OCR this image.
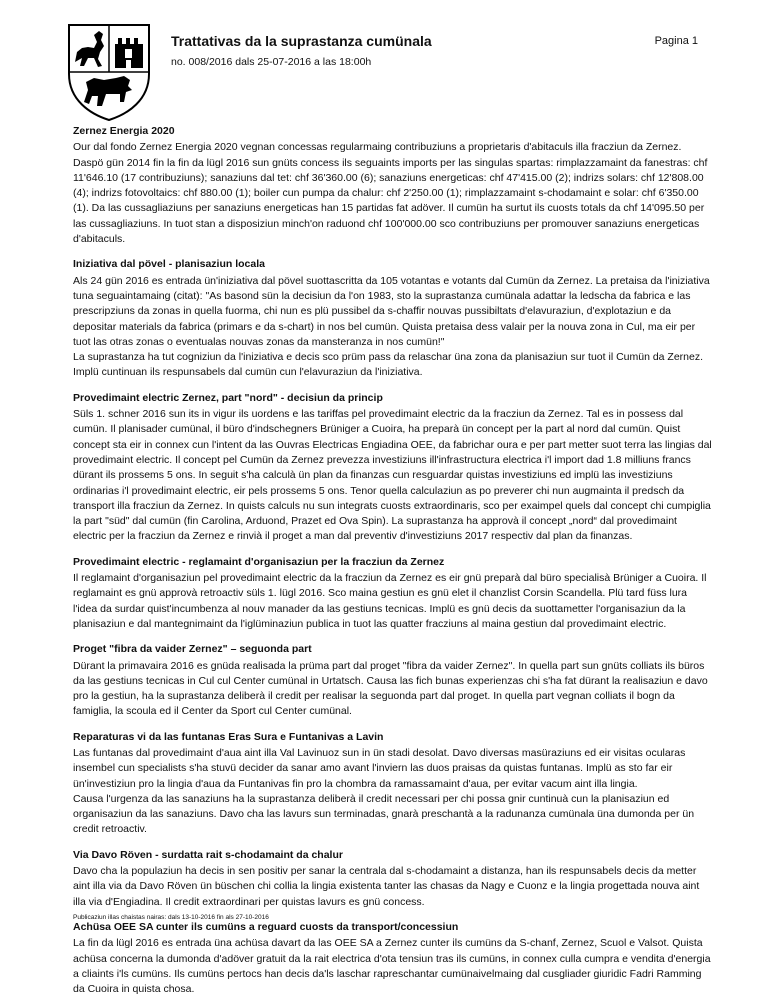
Trattativas da la suprastanza cumünala	Pagina 1
no. 008/2016 dals 25-07-2016 a las 18:00h
Zernez Energia 2020

Our dal fondo Zernez Energia 2020 vegnan concessas regularmaing contribuziuns a proprietaris d'abitaculs illa fracziun da Zernez. Daspö gün 2014 fin la fin da lügl 2016 sun gnüts concess ils seguaints imports per las singulas spartas: rimplazzamaint da fanestras: chf 11'646.10 (17 contribuziuns); sanaziuns dal tet: chf 36'360.00 (6); sanaziuns energeticas: chf 47'415.00 (2); indrizs solars: chf 12'808.00 (4); indrizs fotovoltaics: chf 880.00 (1); boiler cun pumpa da chalur: chf 2'250.00 (1); rimplazzamaint s-chodamaint e solar: chf 6'350.00 (1). Da las cussagliaziuns per sanaziuns energeticas han 15 partidas fat adöver. Il cumün ha surtut ils cuosts totals da chf 14'095.50 per las cussagliaziuns. In tuot stan a disposiziun minch'on raduond chf 100'000.00 sco contribuziuns per promouver sanaziuns energeticas d'abitaculs.

Iniziativa dal pövel - planisaziun locala

Als 24 gün 2016 es entrada ün'iniziativa dal pövel suottascritta da 105 votantas e votants dal Cumün da Zernez. La pretaisa da l'iniziativa tuna seguaintamaing (citat): "As basond sün la decisiun da l'on 1983, sto la suprastanza cumünala adattar la ledscha da fabrica e las prescripziuns da zonas in quella fuorma, chi nun es plü pussibel da s-chaffir nouvas pussibiltats d'elavuraziun, d'explotaziun e da depositar materials da fabrica (primars e da s-chart) in nos bel cumün. Quista pretaisa dess valair per la nouva zona in Cul, ma eir per tuot las otras zonas o eventualas nouvas zonas da mansteranza in nos cumün!"
La suprastanza ha tut cogniziun da l'iniziativa e decis sco prüm pass da relaschar üna zona da planisaziun sur tuot il Cumün da Zernez. Implü cuntinuan ils respunsabels dal cumün cun l'elavuraziun da l'iniziativa.

Provedimaint electric Zernez, part "nord" - decisiun da princip

Süls 1. schner 2016 sun its in vigur ils uordens e las tariffas pel provedimaint electric da la fracziun da Zernez. Tal es in possess dal cumün. Il planisader cumünal, il büro d'indschegners Brüniger a Cuoira, ha preparà ün concept per la part al nord dal cumün. Quist concept sta eir in connex cun l'intent da las Ouvras Electricas Engiadina OEE, da fabrichar oura e per part metter suot terra las lingias dal provedimaint electric. Il concept pel Cumün da Zernez prevezza investiziuns ill'infrastructura electrica i'l import dad 1.8 milliuns francs dürant ils prossems 5 ons. In seguit s'ha calculà ün plan da finanzas cun resguardar quistas investiziuns ed implü las investiziuns ordinarias i'l provedimaint electric, eir pels prossems 5 ons. Tenor quella calculaziun as po preverer chi nun augmainta il predsch da transport illa fracziun da Zernez. In quists calculs nu sun integrats cuosts extraordinaris, sco per exaimpel quels dal concept chi cumpiglia la part "süd" dal cumün (fin Carolina, Arduond, Prazet ed Ova Spin). La suprastanza ha approvà il concept „nord“ dal provedimaint electric per la fracziun da Zernez e rinvià il proget a man dal preventiv d'investiziuns 2017 respectiv dal plan da finanzas.

Provedimaint electric - reglamaint d'organisaziun per la fracziun da Zernez

Il reglamaint d'organisaziun pel provedimaint electric da la fracziun da Zernez es eir gnü preparà dal büro specialisà Brüniger a Cuoira. Il reglamaint es gnü approvà retroactiv süls 1. lügl 2016. Sco maina gestiun es gnü elet il chanzlist Corsin Scandella. Plü tard füss lura l'idea da surdar quist'incumbenza al nouv manader da las gestiuns tecnicas. Implü es gnü decis da suottametter l'organisaziun da la planisaziun e dal mantegnimaint da l'iglüminaziun publica in tuot las quatter fracziuns al maina gestiun dal provedimaint electric.

Proget "fibra da vaider Zernez" – seguonda part

Dürant la primavaira 2016 es gnüda realisada la prüma part dal proget "fibra da vaider Zernez". In quella part sun gnüts colliats ils büros da las gestiuns tecnicas in Cul cul Center cumünal in Urtatsch. Causa las fich bunas experienzas chi s'ha fat dürant la realisaziun e davo pro la gestiun, ha la suprastanza deliberà il credit per realisar la seguonda part dal proget. In quella part vegnan colliats il bogn da famiglia, la scoula ed il Center da Sport cul Center cumünal.

Reparaturas vi da las funtanas Eras Sura e Funtanivas a Lavin

Las funtanas dal provedimaint d'aua aint illa Val Lavinuoz sun in ün stadi desolat. Davo diversas masüraziuns ed eir visitas ocularas insembel cun specialists s'ha stuvü decider da sanar amo avant l'inviern las duos praisas da quistas funtanas. Implü as sto far eir ün'investiziun pro la lingia d'aua da Funtanivas fin pro la chombra da ramassamaint d'aua, per evitar vacum aint illa lingia.
Causa l'urgenza da las sanaziuns ha la suprastanza deliberà il credit necessari per chi possa gnir cuntinuà cun la planisaziun ed organisaziun da las sanaziuns. Davo cha las lavurs sun terminadas, gnarà preschantà a la radunanza cumünala üna dumonda per ün credit retroactiv.

Via Davo Röven - surdatta rait s-chodamaint da chalur

Davo cha la populaziun ha decis in sen positiv per sanar la centrala dal s-chodamaint a distanza, han ils respunsabels decis da metter aint illa via da Davo Röven ün büschen chi collia la lingia existenta tanter las chasas da Nagy e Cuonz e la lingia progettada nouva aint illa via d'Engiadina. Il credit extraordinari per quistas lavurs es gnü concess.

Achüsa OEE SA cunter ils cumüns a reguard cuosts da transport/concessiun

La fin da lügl 2016 es entrada üna achüsa davart da las OEE SA a Zernez cunter ils cumüns da S-chanf, Zernez, Scuol e Valsot. Quista achüsa concerna la dumonda d'adöver gratuit da la rait electrica d'ota tensiun tras ils cumüns, in connex culla cumpra e vendita d'energia a cliaints i'ls cumüns. Ils cumüns pertocs han decis da'ls laschar rapreschantar cumünaivelmaing dal cusgliader giuridic Fadri Ramming da Cuoira in quista chosa.

Publicaziun illas chaistas nairas: dals 13-10-2016 fin als 27-10-2016
